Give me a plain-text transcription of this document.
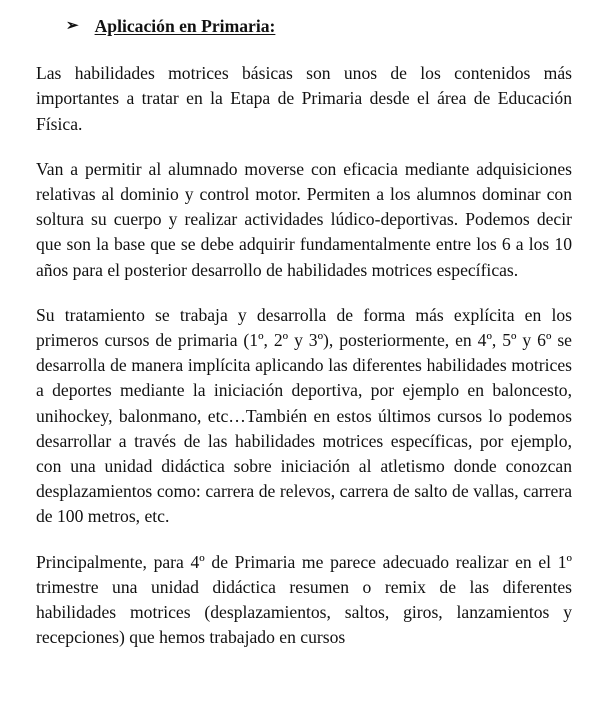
➢ Aplicación en Primaria:

Las habilidades motrices básicas son unos de los contenidos más importantes a tratar en la Etapa de Primaria desde el área de Educación Física.

Van a permitir al alumnado moverse con eficacia mediante adquisiciones relativas al dominio y control motor. Permiten a los alumnos dominar con soltura su cuerpo y realizar actividades lúdico-deportivas. Podemos decir que son la base que se debe adquirir fundamentalmente entre los 6 a los 10 años para el posterior desarrollo de habilidades motrices específicas.

Su tratamiento se trabaja y desarrolla de forma más explícita en los primeros cursos de primaria (1º, 2º y 3º), posteriormente, en 4º, 5º y 6º se desarrolla de manera implícita aplicando las diferentes habilidades motrices a deportes mediante la iniciación deportiva, por ejemplo en baloncesto, unihockey, balonmano, etc…También en estos últimos cursos lo podemos desarrollar a través de las habilidades motrices específicas, por ejemplo, con una unidad didáctica sobre iniciación al atletismo donde conozcan desplazamientos como: carrera de relevos, carrera de salto de vallas, carrera de 100 metros, etc.

Principalmente, para 4º de Primaria me parece adecuado realizar en el 1º trimestre una unidad didáctica resumen o remix de las diferentes habilidades motrices (desplazamientos, saltos, giros, lanzamientos y recepciones) que hemos trabajado en cursos
